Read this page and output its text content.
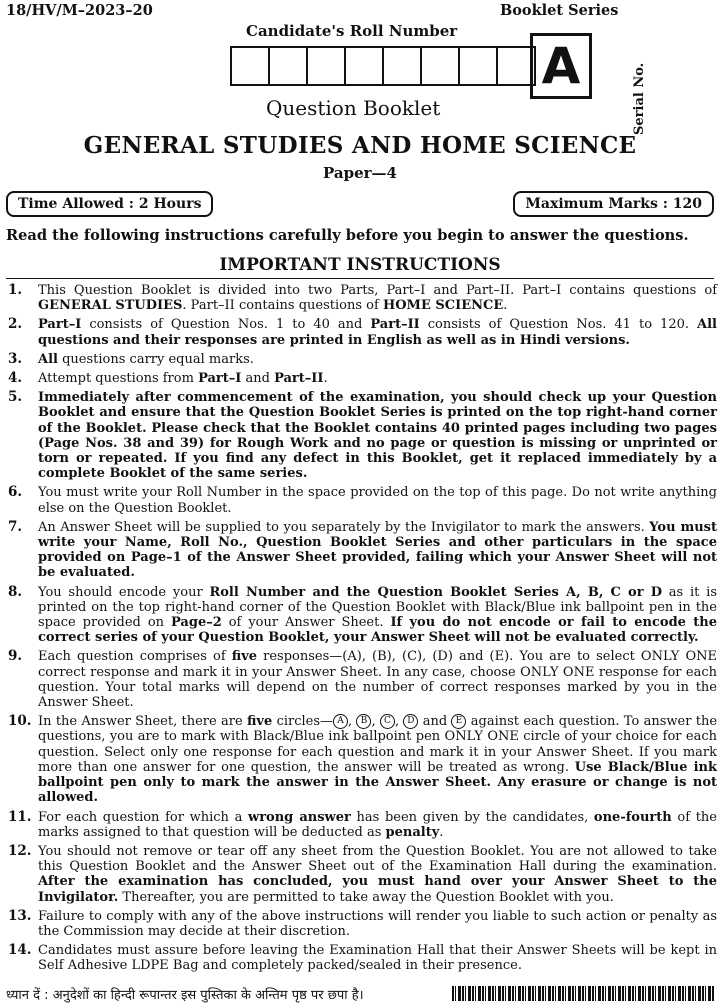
18/HV/M–2023–20	Booklet Series
Candidate's Roll Number
A	Serial No.
Question Booklet
GENERAL STUDIES AND HOME SCIENCE
Paper—4
Time Allowed : 2 Hours	Maximum Marks : 120
Read the following instructions carefully before you begin to answer the questions.
IMPORTANT INSTRUCTIONS
1. This Question Booklet is divided into two Parts, Part–I and Part–II. Part–I contains questions of GENERAL STUDIES. Part–II contains questions of HOME SCIENCE.
2. Part–I consists of Question Nos. 1 to 40 and Part–II consists of Question Nos. 41 to 120. All questions and their responses are printed in English as well as in Hindi versions.
3. All questions carry equal marks.
4. Attempt questions from Part–I and Part–II.
5. Immediately after commencement of the examination, you should check up your Question Booklet and ensure that the Question Booklet Series is printed on the top right-hand corner of the Booklet. Please check that the Booklet contains 40 printed pages including two pages (Page Nos. 38 and 39) for Rough Work and no page or question is missing or unprinted or torn or repeated. If you find any defect in this Booklet, get it replaced immediately by a complete Booklet of the same series.
6. You must write your Roll Number in the space provided on the top of this page. Do not write anything else on the Question Booklet.
7. An Answer Sheet will be supplied to you separately by the Invigilator to mark the answers. You must write your Name, Roll No., Question Booklet Series and other particulars in the space provided on Page–1 of the Answer Sheet provided, failing which your Answer Sheet will not be evaluated.
8. You should encode your Roll Number and the Question Booklet Series A, B, C or D as it is printed on the top right-hand corner of the Question Booklet with Black/Blue ink ballpoint pen in the space provided on Page–2 of your Answer Sheet. If you do not encode or fail to encode the correct series of your Question Booklet, your Answer Sheet will not be evaluated correctly.
9. Each question comprises of five responses—(A), (B), (C), (D) and (E). You are to select ONLY ONE correct response and mark it in your Answer Sheet. In any case, choose ONLY ONE response for each question. Your total marks will depend on the number of correct responses marked by you in the Answer Sheet.
10. In the Answer Sheet, there are five circles— A , B , C , D and E against each question. To answer the questions, you are to mark with Black/Blue ink ballpoint pen ONLY ONE circle of your choice for each question. Select only one response for each question and mark it in your Answer Sheet. If you mark more than one answer for one question, the answer will be treated as wrong. Use Black/Blue ink ballpoint pen only to mark the answer in the Answer Sheet. Any erasure or change is not allowed.
11. For each question for which a wrong answer has been given by the candidates, one-fourth of the marks assigned to that question will be deducted as penalty.
12. You should not remove or tear off any sheet from the Question Booklet. You are not allowed to take this Question Booklet and the Answer Sheet out of the Examination Hall during the examination. After the examination has concluded, you must hand over your Answer Sheet to the Invigilator. Thereafter, you are permitted to take away the Question Booklet with you.
13. Failure to comply with any of the above instructions will render you liable to such action or penalty as the Commission may decide at their discretion.
14. Candidates must assure before leaving the Examination Hall that their Answer Sheets will be kept in Self Adhesive LDPE Bag and completely packed/sealed in their presence.
ध्यान दें : अनुदेशों का हिन्दी रूपान्तर इस पुस्तिका के अन्तिम पृष्ठ पर छपा है।
